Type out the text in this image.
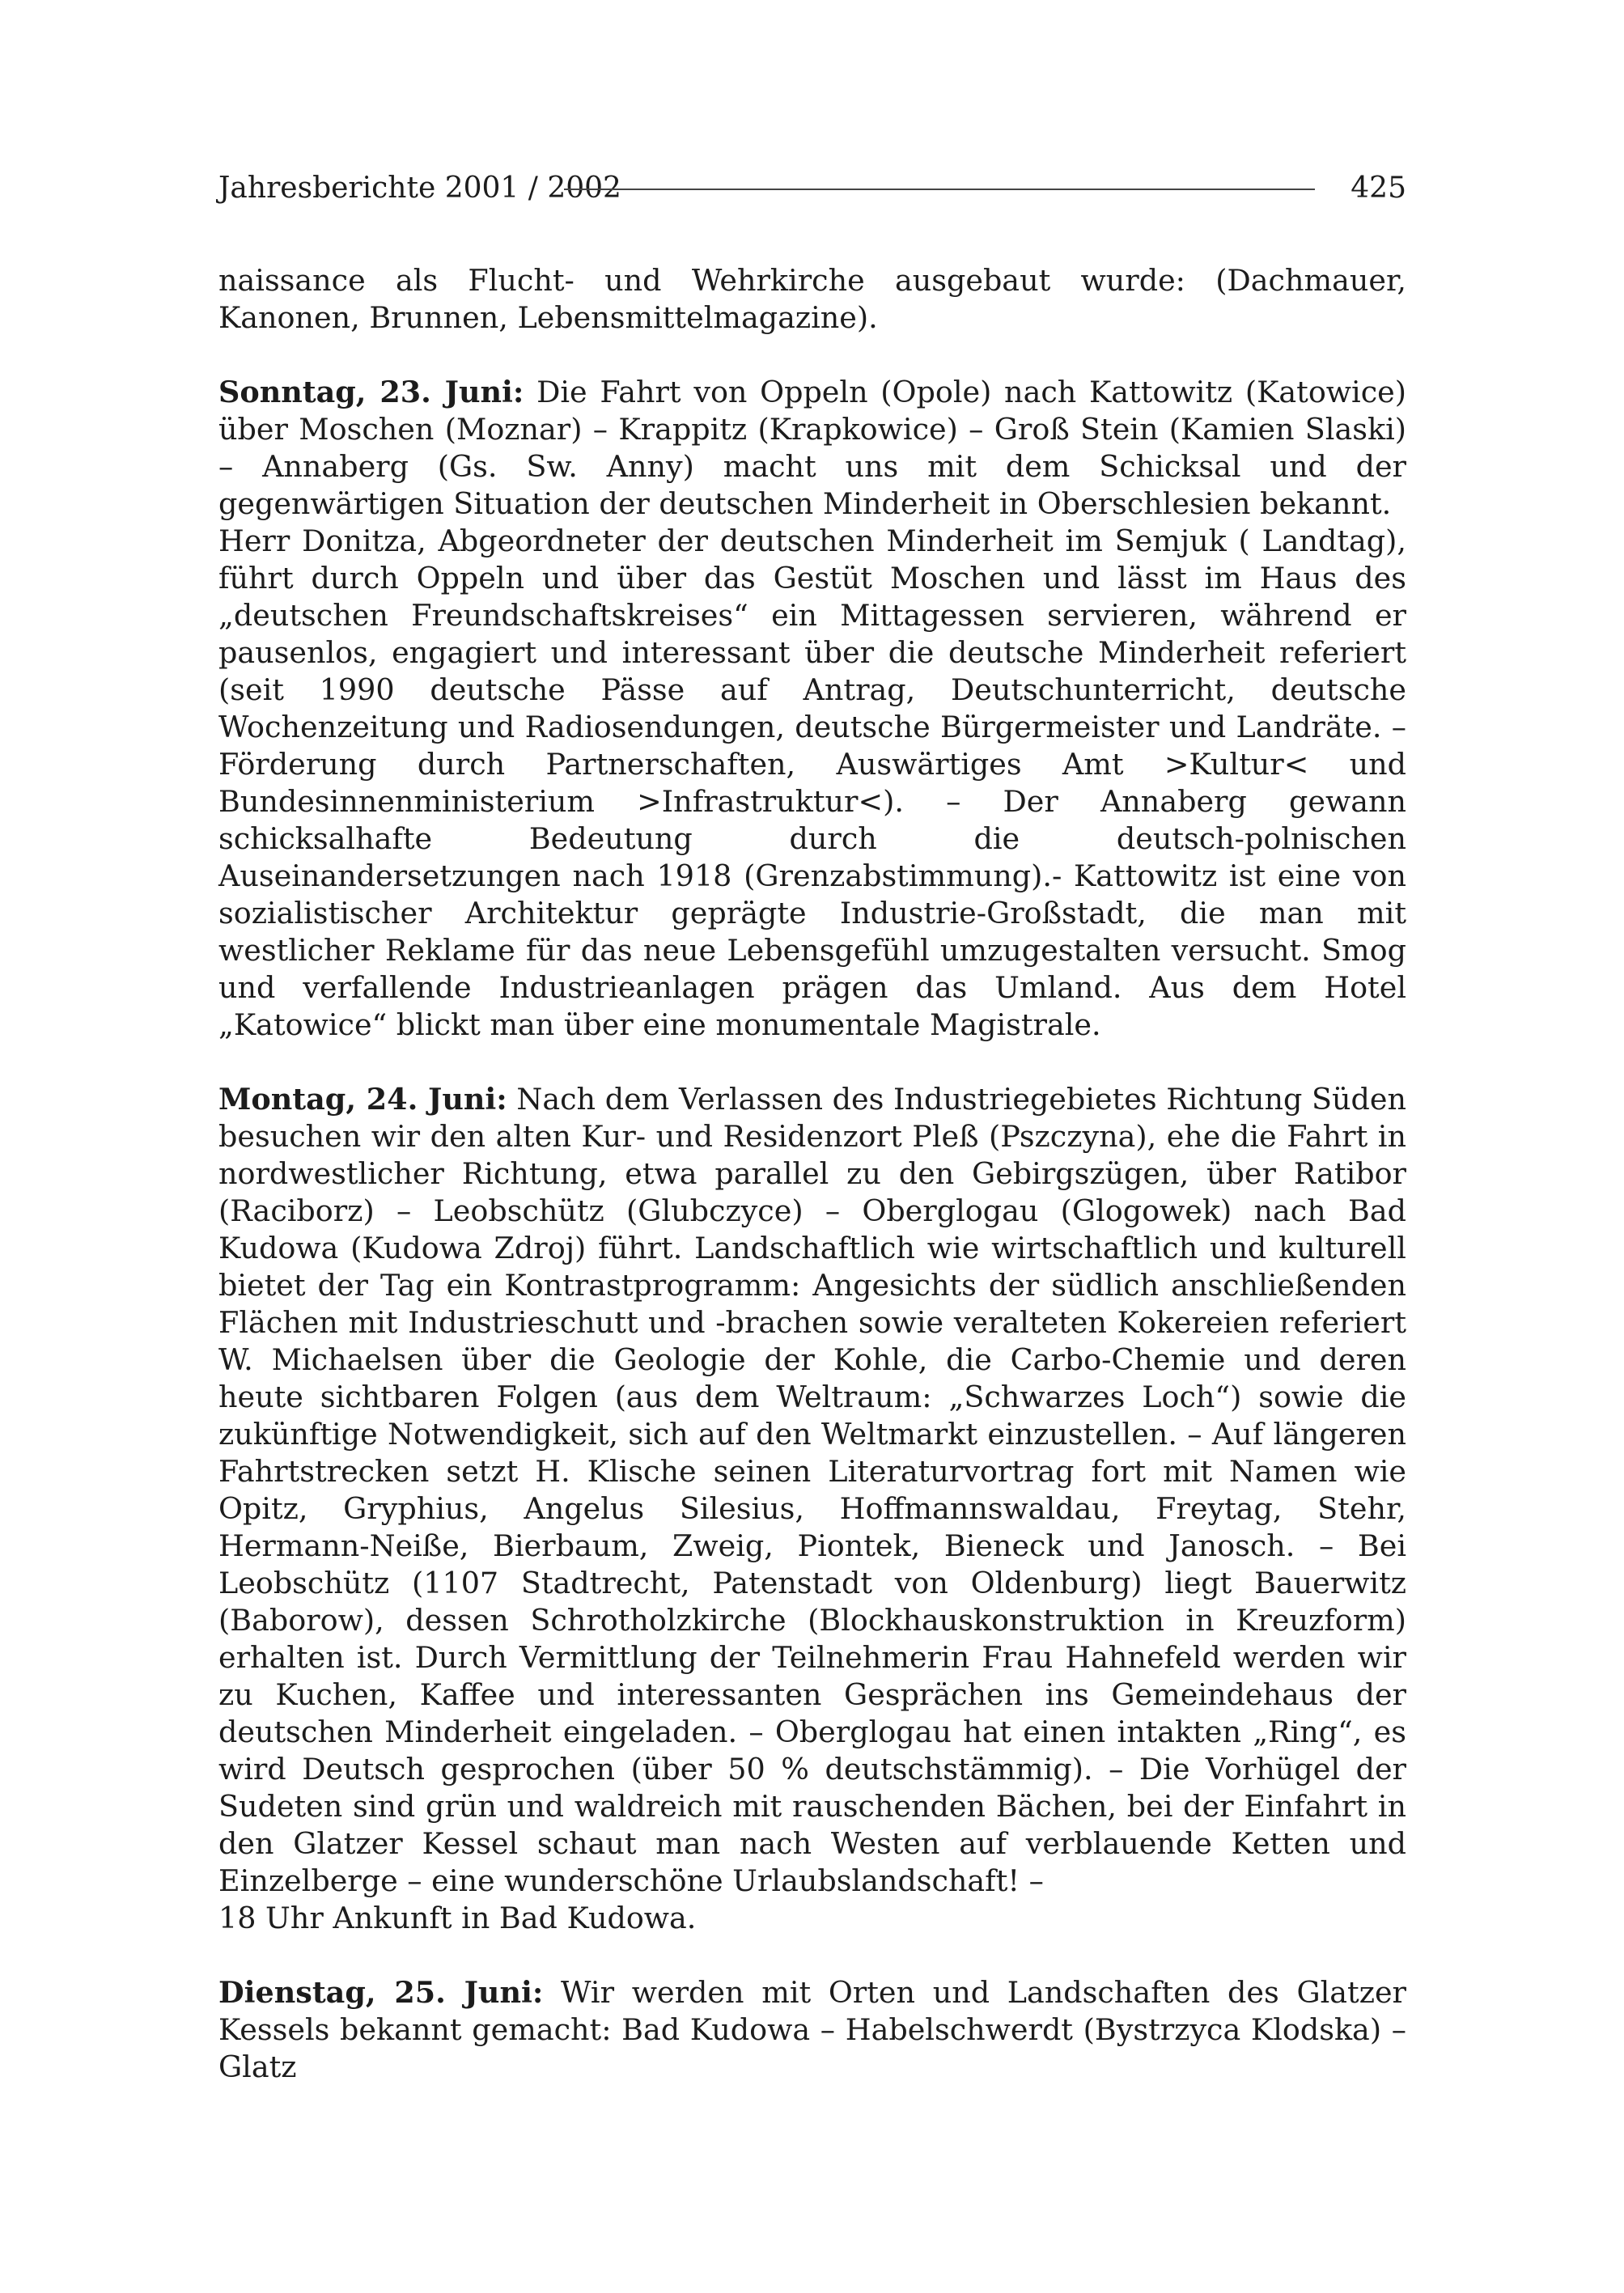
Jahresberichte 2001 / 2002	425

naissance als Flucht- und Wehrkirche ausgebaut wurde: (Dachmauer, Kanonen, Brunnen, Lebensmittelmagazine).

Sonntag, 23. Juni: Die Fahrt von Oppeln (Opole) nach Kattowitz (Katowice) über Moschen (Moznar) – Krappitz (Krapkowice) – Groß Stein (Kamien Slaski) – Annaberg (Gs. Sw. Anny) macht uns mit dem Schicksal und der gegenwärtigen Situation der deutschen Minderheit in Oberschlesien bekannt.

Herr Donitza, Abgeordneter der deutschen Minderheit im Semjuk ( Landtag), führt durch Oppeln und über das Gestüt Moschen und lässt im Haus des „deutschen Freundschaftskreises“ ein Mittagessen servieren, während er pausenlos, engagiert und interessant über die deutsche Minderheit referiert (seit 1990 deutsche Pässe auf Antrag, Deutschunterricht, deutsche Wochenzeitung und Radiosendungen, deutsche Bürgermeister und Landräte. – Förderung durch Partnerschaften, Auswärtiges Amt >Kultur< und Bundesinnenministerium >Infrastruktur<). – Der Annaberg gewann schicksalhafte Bedeutung durch die deutsch-polnischen Auseinandersetzungen nach 1918 (Grenzabstimmung).- Kattowitz ist eine von sozialistischer Architektur geprägte Industrie-Großstadt, die man mit westlicher Reklame für das neue Lebensgefühl umzugestalten versucht. Smog und verfallende Industrieanlagen prägen das Umland. Aus dem Hotel „Katowice“ blickt man über eine monumentale Magistrale.

Montag, 24. Juni: Nach dem Verlassen des Industriegebietes Richtung Süden besuchen wir den alten Kur- und Residenzort Pleß (Pszczyna), ehe die Fahrt in nordwestlicher Richtung, etwa parallel zu den Gebirgszügen, über Ratibor (Raciborz) – Leobschütz (Glubczyce) – Oberglogau (Glogowek) nach Bad Kudowa (Kudowa Zdroj) führt. Landschaftlich wie wirtschaftlich und kulturell bietet der Tag ein Kontrastprogramm: Angesichts der südlich anschließenden Flächen mit Industrieschutt und -brachen sowie veralteten Kokereien referiert W. Michaelsen über die Geologie der Kohle, die Carbo-Chemie und deren heute sichtbaren Folgen (aus dem Weltraum: „Schwarzes Loch“) sowie die zukünftige Notwendigkeit, sich auf den Weltmarkt einzustellen. – Auf längeren Fahrtstrecken setzt H. Klische seinen Literaturvortrag fort mit Namen wie Opitz, Gryphius, Angelus Silesius, Hoffmannswaldau, Freytag, Stehr, Hermann-Neiße, Bierbaum, Zweig, Piontek, Bieneck und Janosch. – Bei Leobschütz (1107 Stadtrecht, Patenstadt von Oldenburg) liegt Bauerwitz (Baborow), dessen Schrotholzkirche (Blockhauskonstruktion in Kreuzform) erhalten ist. Durch Vermittlung der Teilnehmerin Frau Hahnefeld werden wir zu Kuchen, Kaffee und interessanten Gesprächen ins Gemeindehaus der deutschen Minderheit eingeladen. – Oberglogau hat einen intakten „Ring“, es wird Deutsch gesprochen (über 50 % deutschstämmig). – Die Vorhügel der Sudeten sind grün und waldreich mit rauschenden Bächen, bei der Einfahrt in den Glatzer Kessel schaut man nach Westen auf verblauende Ketten und Einzelberge – eine wunderschöne Urlaubslandschaft! –

18 Uhr Ankunft in Bad Kudowa.

Dienstag, 25. Juni: Wir werden mit Orten und Landschaften des Glatzer Kessels bekannt gemacht: Bad Kudowa – Habelschwerdt (Bystrzyca Klodska) – Glatz
